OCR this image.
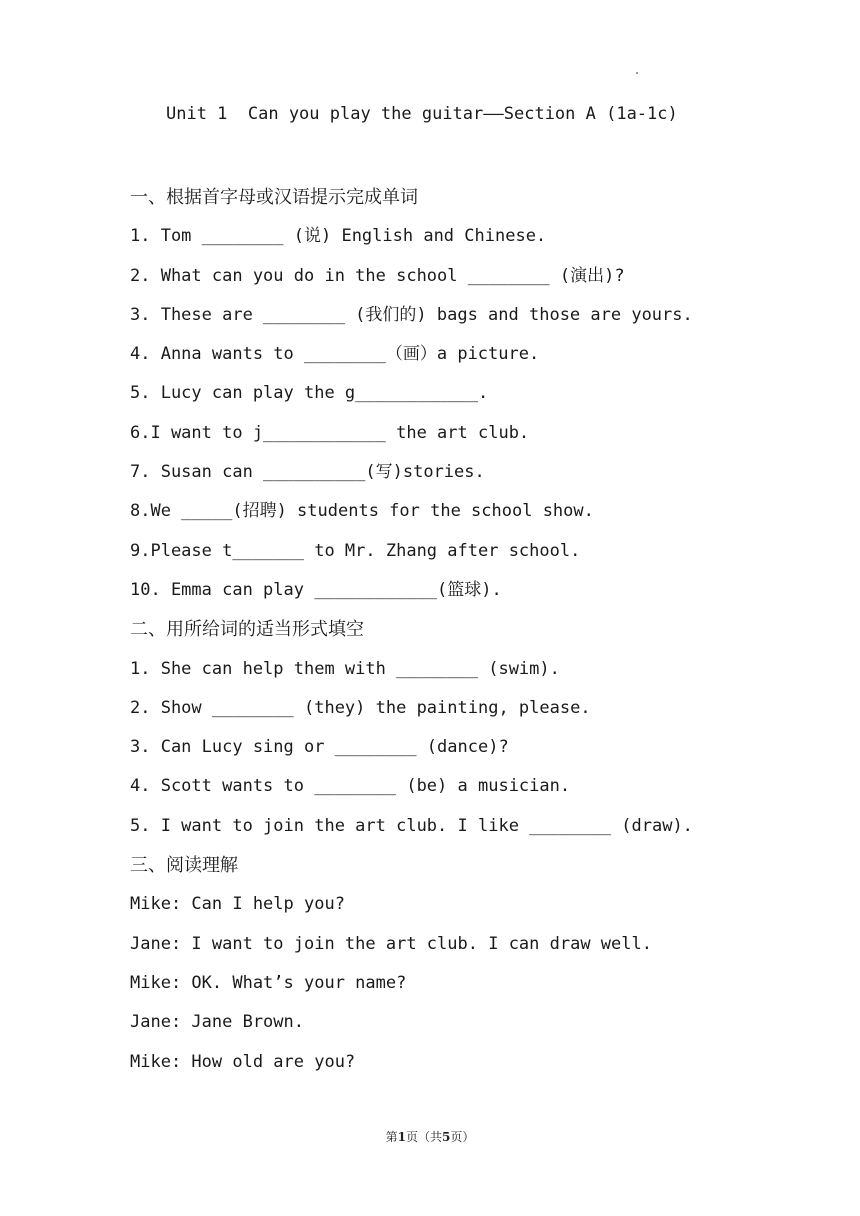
Unit 1  Can you play the guitar——Section A (1a-1c)
一、根据首字母或汉语提示完成单词
1. Tom ________ (说) English and Chinese.
2. What can you do in the school ________ (演出)?
3. These are ________ (我们的) bags and those are yours.
4. Anna wants to ________（画）a picture.
5. Lucy can play the g____________.
6.I want to j____________ the art club.
7. Susan can __________(写)stories.
8.We _____(招聘) students for the school show.
9.Please t_______ to Mr. Zhang after school.
10. Emma can play ____________(篮球).
二、用所给词的适当形式填空
1. She can help them with ________ (swim).
2. Show ________ (they) the painting, please.
3. Can Lucy sing or ________ (dance)?
4. Scott wants to ________ (be) a musician.
5. I want to join the art club. I like ________ (draw).
三、阅读理解
Mike: Can I help you?
Jane: I want to join the art club. I can draw well.
Mike: OK. What’s your name?
Jane: Jane Brown.
Mike: How old are you?
第1页（共5页）
